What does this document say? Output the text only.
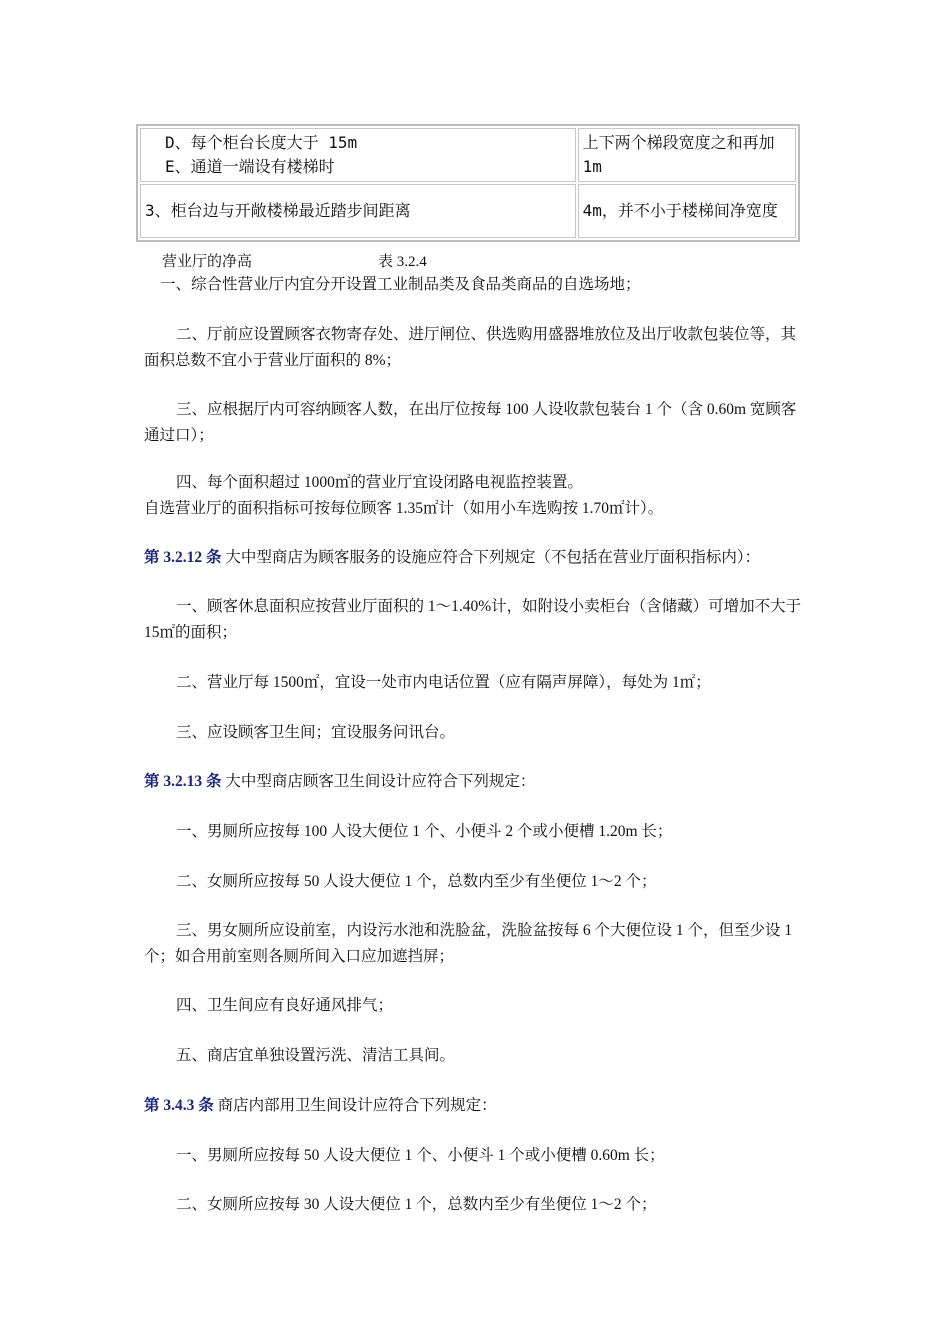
D、每个柜台长度大于 15m
E、通道一端设有楼梯时	上下两个梯段宽度之和再加 1m

3、柜台边与开敞楼梯最近踏步间距离	4m，并不小于楼梯间净宽度
营业厅的净高	表 3.2.4
一、综合性营业厅内宜分开设置工业制品类及食品类商品的自选场地；
二、厅前应设置顾客衣物寄存处、进厅闸位、供选购用盛器堆放位及出厅收款包装位等，其面积总数不宜小于营业厅面积的 8%；
三、应根据厅内可容纳顾客人数，在出厅位按每 100 人设收款包装台 1 个（含 0.60m 宽顾客通过口）；
四、每个面积超过 1000㎡的营业厅宜设闭路电视监控装置。
自选营业厅的面积指标可按每位顾客 1.35㎡计（如用小车选购按 1.70㎡计）。
第 3.2.12 条 大中型商店为顾客服务的设施应符合下列规定（不包括在营业厅面积指标内）：
一、顾客休息面积应按营业厅面积的 1～1.40%计，如附设小卖柜台（含储藏）可增加不大于 15㎡的面积；
二、营业厅每 1500㎡，宜设一处市内电话位置（应有隔声屏障），每处为 1㎡；
三、应设顾客卫生间；宜设服务问讯台。
第 3.2.13 条 大中型商店顾客卫生间设计应符合下列规定：
一、男厕所应按每 100 人设大便位 1 个、小便斗 2 个或小便槽 1.20m 长；
二、女厕所应按每 50 人设大便位 1 个，总数内至少有坐便位 1～2 个；
三、男女厕所应设前室，内设污水池和洗脸盆，洗脸盆按每 6 个大便位设 1 个，但至少设 1 个；如合用前室则各厕所间入口应加遮挡屏；
四、卫生间应有良好通风排气；
五、商店宜单独设置污洗、清洁工具间。
第 3.4.3 条 商店内部用卫生间设计应符合下列规定：
一、男厕所应按每 50 人设大便位 1 个、小便斗 1 个或小便槽 0.60m 长；
二、女厕所应按每 30 人设大便位 1 个，总数内至少有坐便位 1～2 个；
